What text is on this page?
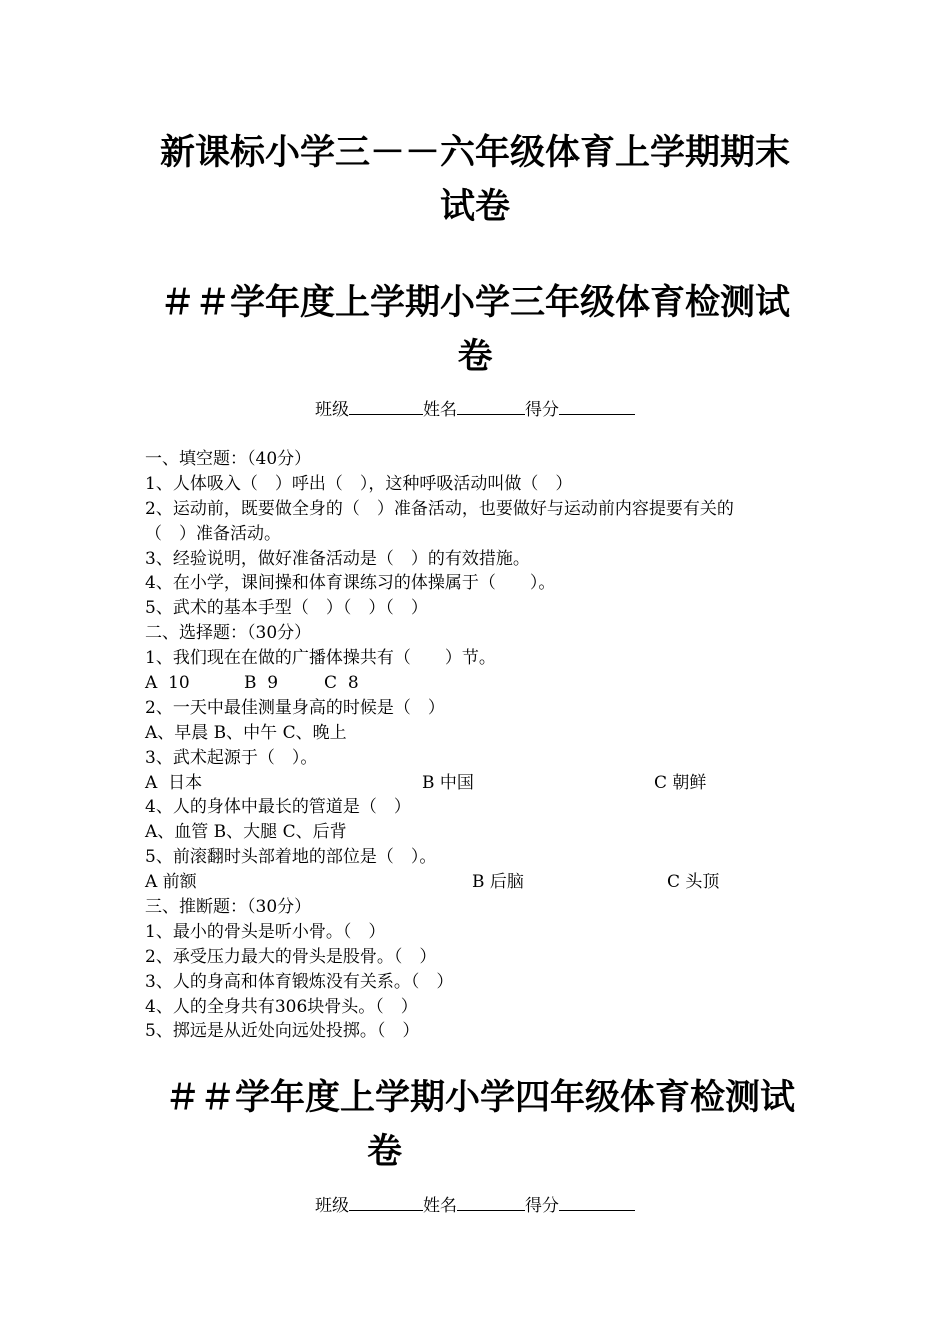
新课标小学三－－六年级体育上学期期末
试卷
＃＃学年度上学期小学三年级体育检测试
卷
班级	姓名	得分
一、填空题：（40分）
1、人体吸入（　）呼出（　），这种呼吸活动叫做（　）
2、运动前，既要做全身的（　）准备活动，也要做好与运动前内容提要有关的
（　）准备活动。
3、经验说明，做好准备活动是（　）的有效措施。
4、在小学，课间操和体育课练习的体操属于（　　）。
5、武术的基本手型（　）（　）（　）
二、选择题：（30分）
1、我们现在在做的广播体操共有（　　）节。

A  10

	B  9

	C  8

2、一天中最佳测量身高的时候是（　）
A、早晨 B、中午 C、晚上
3、武术起源于（　）。

A  日本

	B 中国

	C 朝鲜

4、人的身体中最长的管道是（　）
A、血管 B、大腿 C、后背
5、前滚翻时头部着地的部位是（　）。

A 前额

	B 后脑

	C 头顶

三、推断题：（30分）
1、最小的骨头是听小骨。（　）
2、承受压力最大的骨头是股骨。（　）
3、人的身高和体育锻炼没有关系。（　）
4、人的全身共有306块骨头。（　）
5、掷远是从近处向远处投掷。（　）
＃＃学年度上学期小学四年级体育检测试
卷
班级	姓名	得分
